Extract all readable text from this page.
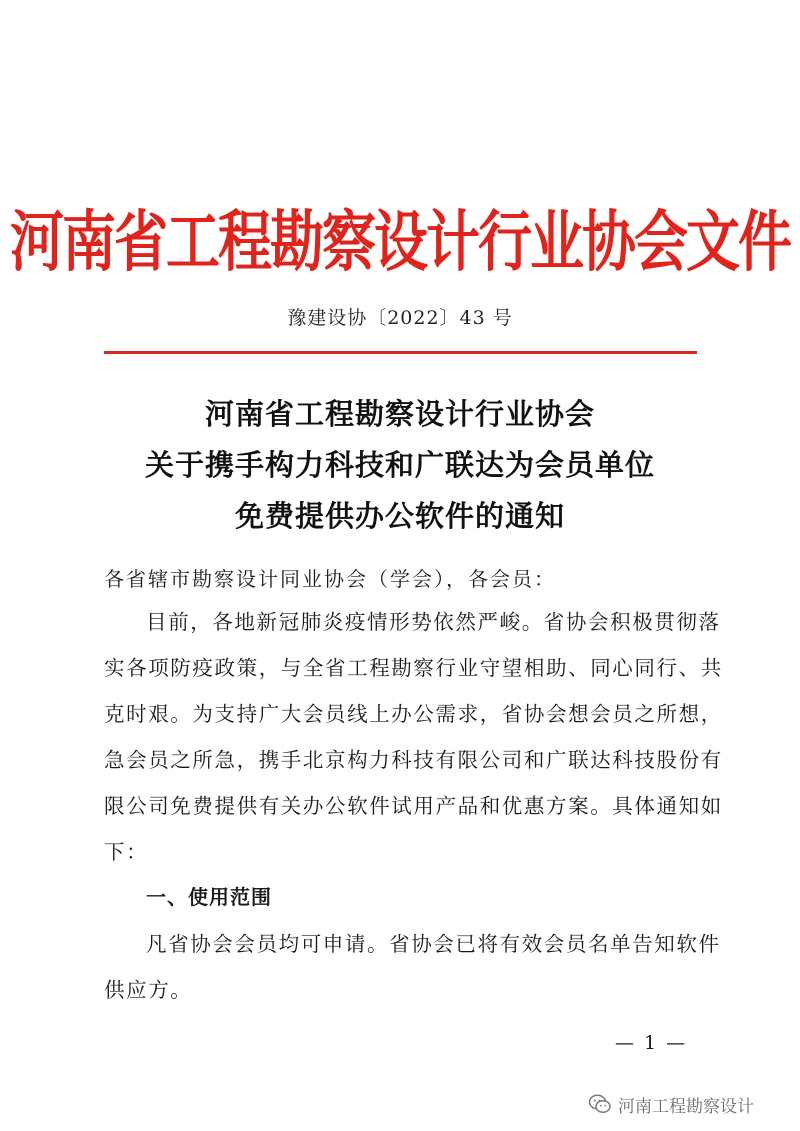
河南省工程勘察设计行业协会文件
豫建设协〔2022〕43 号
河南省工程勘察设计行业协会
关于携手构力科技和广联达为会员单位
免费提供办公软件的通知
各省辖市勘察设计同业协会（学会），各会员：
目前，各地新冠肺炎疫情形势依然严峻。省协会积极贯彻落
实各项防疫政策，与全省工程勘察行业守望相助、同心同行、共
克时艰。为支持广大会员线上办公需求，省协会想会员之所想，
急会员之所急，携手北京构力科技有限公司和广联达科技股份有
限公司免费提供有关办公软件试用产品和优惠方案。具体通知如
下：
一、使用范围
凡省协会会员均可申请。省协会已将有效会员名单告知软件
供应方。
— 1 —
河南工程勘察设计
